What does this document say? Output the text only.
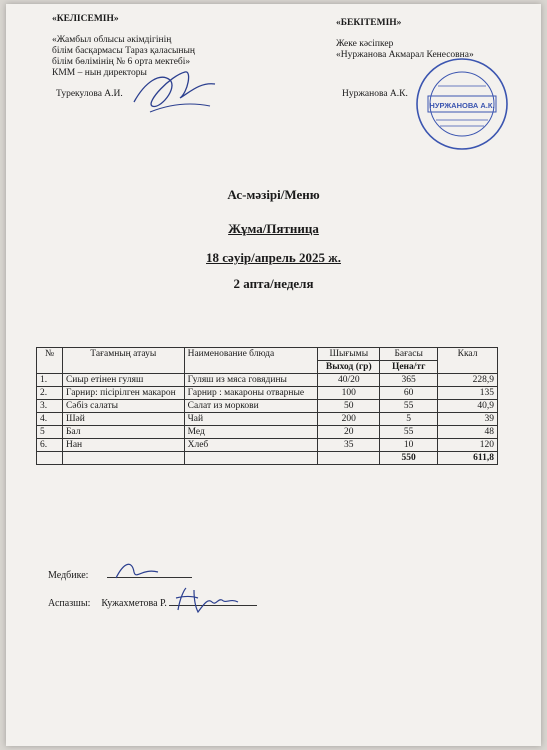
«КЕЛІСЕМІН»
«Жамбыл облысы әкімдігінің
білім басқармасы Тараз қаласының
білім бөлімінің № 6 орта мектебі»
КММ – нын директоры
Турекулова А.И.
«БЕКІТЕМІН»
Жеке кәсіпкер
«Нуржанова Акмарал Кенесовна»
Нуржанова А.К.
НУРЖАНОВА А.К.
Ас-мәзірі/Меню
Жұма/Пятница
18 сәуір/апрель 2025 ж.
2 апта/неделя
№	Тағамның атауы	Наименование блюда	Шығымы	Бағасы	Ккал
			Выход (гр)	Цена/тг	
1.	Сиыр етінен гуляш	Гуляш из мяса говядины	40/20	365	228,9
2.	Гарнир: пісірілген макарон	Гарнир : макароны отварные	100	60	135
3.	Сәбіз салаты	Салат из моркови	50	55	40,9
4.	Шәй	Чай	200	5	39
5	Бал	Мед	20	55	48
6.	Нан	Хлеб	35	10	120
				550	611,8
Медбике:
Аспазшы: Кужахметова Р.
